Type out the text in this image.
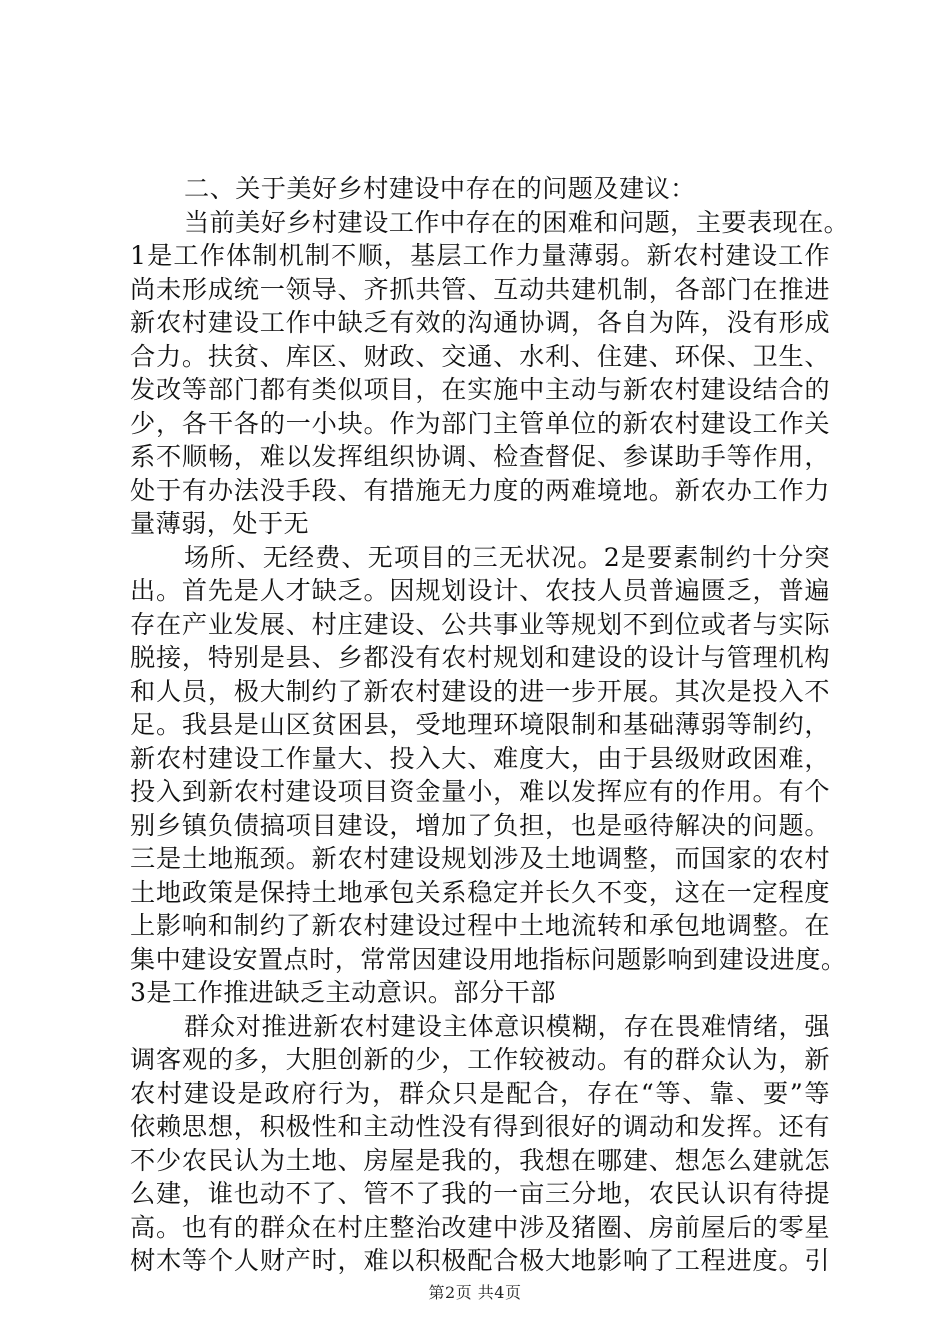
二、关于美好乡村建设中存在的问题及建议：
当前美好乡村建设工作中存在的困难和问题，主要表现在。
1是工作体制机制不顺，基层工作力量薄弱。新农村建设工作
尚未形成统一领导、齐抓共管、互动共建机制，各部门在推进
新农村建设工作中缺乏有效的沟通协调，各自为阵，没有形成
合力。扶贫、库区、财政、交通、水利、住建、环保、卫生、
发改等部门都有类似项目，在实施中主动与新农村建设结合的
少，各干各的一小块。作为部门主管单位的新农村建设工作关
系不顺畅，难以发挥组织协调、检查督促、参谋助手等作用，
处于有办法没手段、有措施无力度的两难境地。新农办工作力
量薄弱，处于无
场所、无经费、无项目的三无状况。2是要素制约十分突
出。首先是人才缺乏。因规划设计、农技人员普遍匮乏，普遍
存在产业发展、村庄建设、公共事业等规划不到位或者与实际
脱接，特别是县、乡都没有农村规划和建设的设计与管理机构
和人员，极大制约了新农村建设的进一步开展。其次是投入不
足。我县是山区贫困县，受地理环境限制和基础薄弱等制约，
新农村建设工作量大、投入大、难度大，由于县级财政困难，
投入到新农村建设项目资金量小，难以发挥应有的作用。有个
别乡镇负债搞项目建设，增加了负担，也是亟待解决的问题。
三是土地瓶颈。新农村建设规划涉及土地调整，而国家的农村
土地政策是保持土地承包关系稳定并长久不变，这在一定程度
上影响和制约了新农村建设过程中土地流转和承包地调整。在
集中建设安置点时，常常因建设用地指标问题影响到建设进度。
3是工作推进缺乏主动意识。部分干部
群众对推进新农村建设主体意识模糊，存在畏难情绪，强
调客观的多，大胆创新的少，工作较被动。有的群众认为，新
农村建设是政府行为，群众只是配合，存在“等、靠、要”等
依赖思想，积极性和主动性没有得到很好的调动和发挥。还有
不少农民认为土地、房屋是我的，我想在哪建、想怎么建就怎
么建，谁也动不了、管不了我的一亩三分地，农民认识有待提
高。也有的群众在村庄整治改建中涉及猪圈、房前屋后的零星
树木等个人财产时，难以积极配合极大地影响了工程进度。引
第2页 共4页
